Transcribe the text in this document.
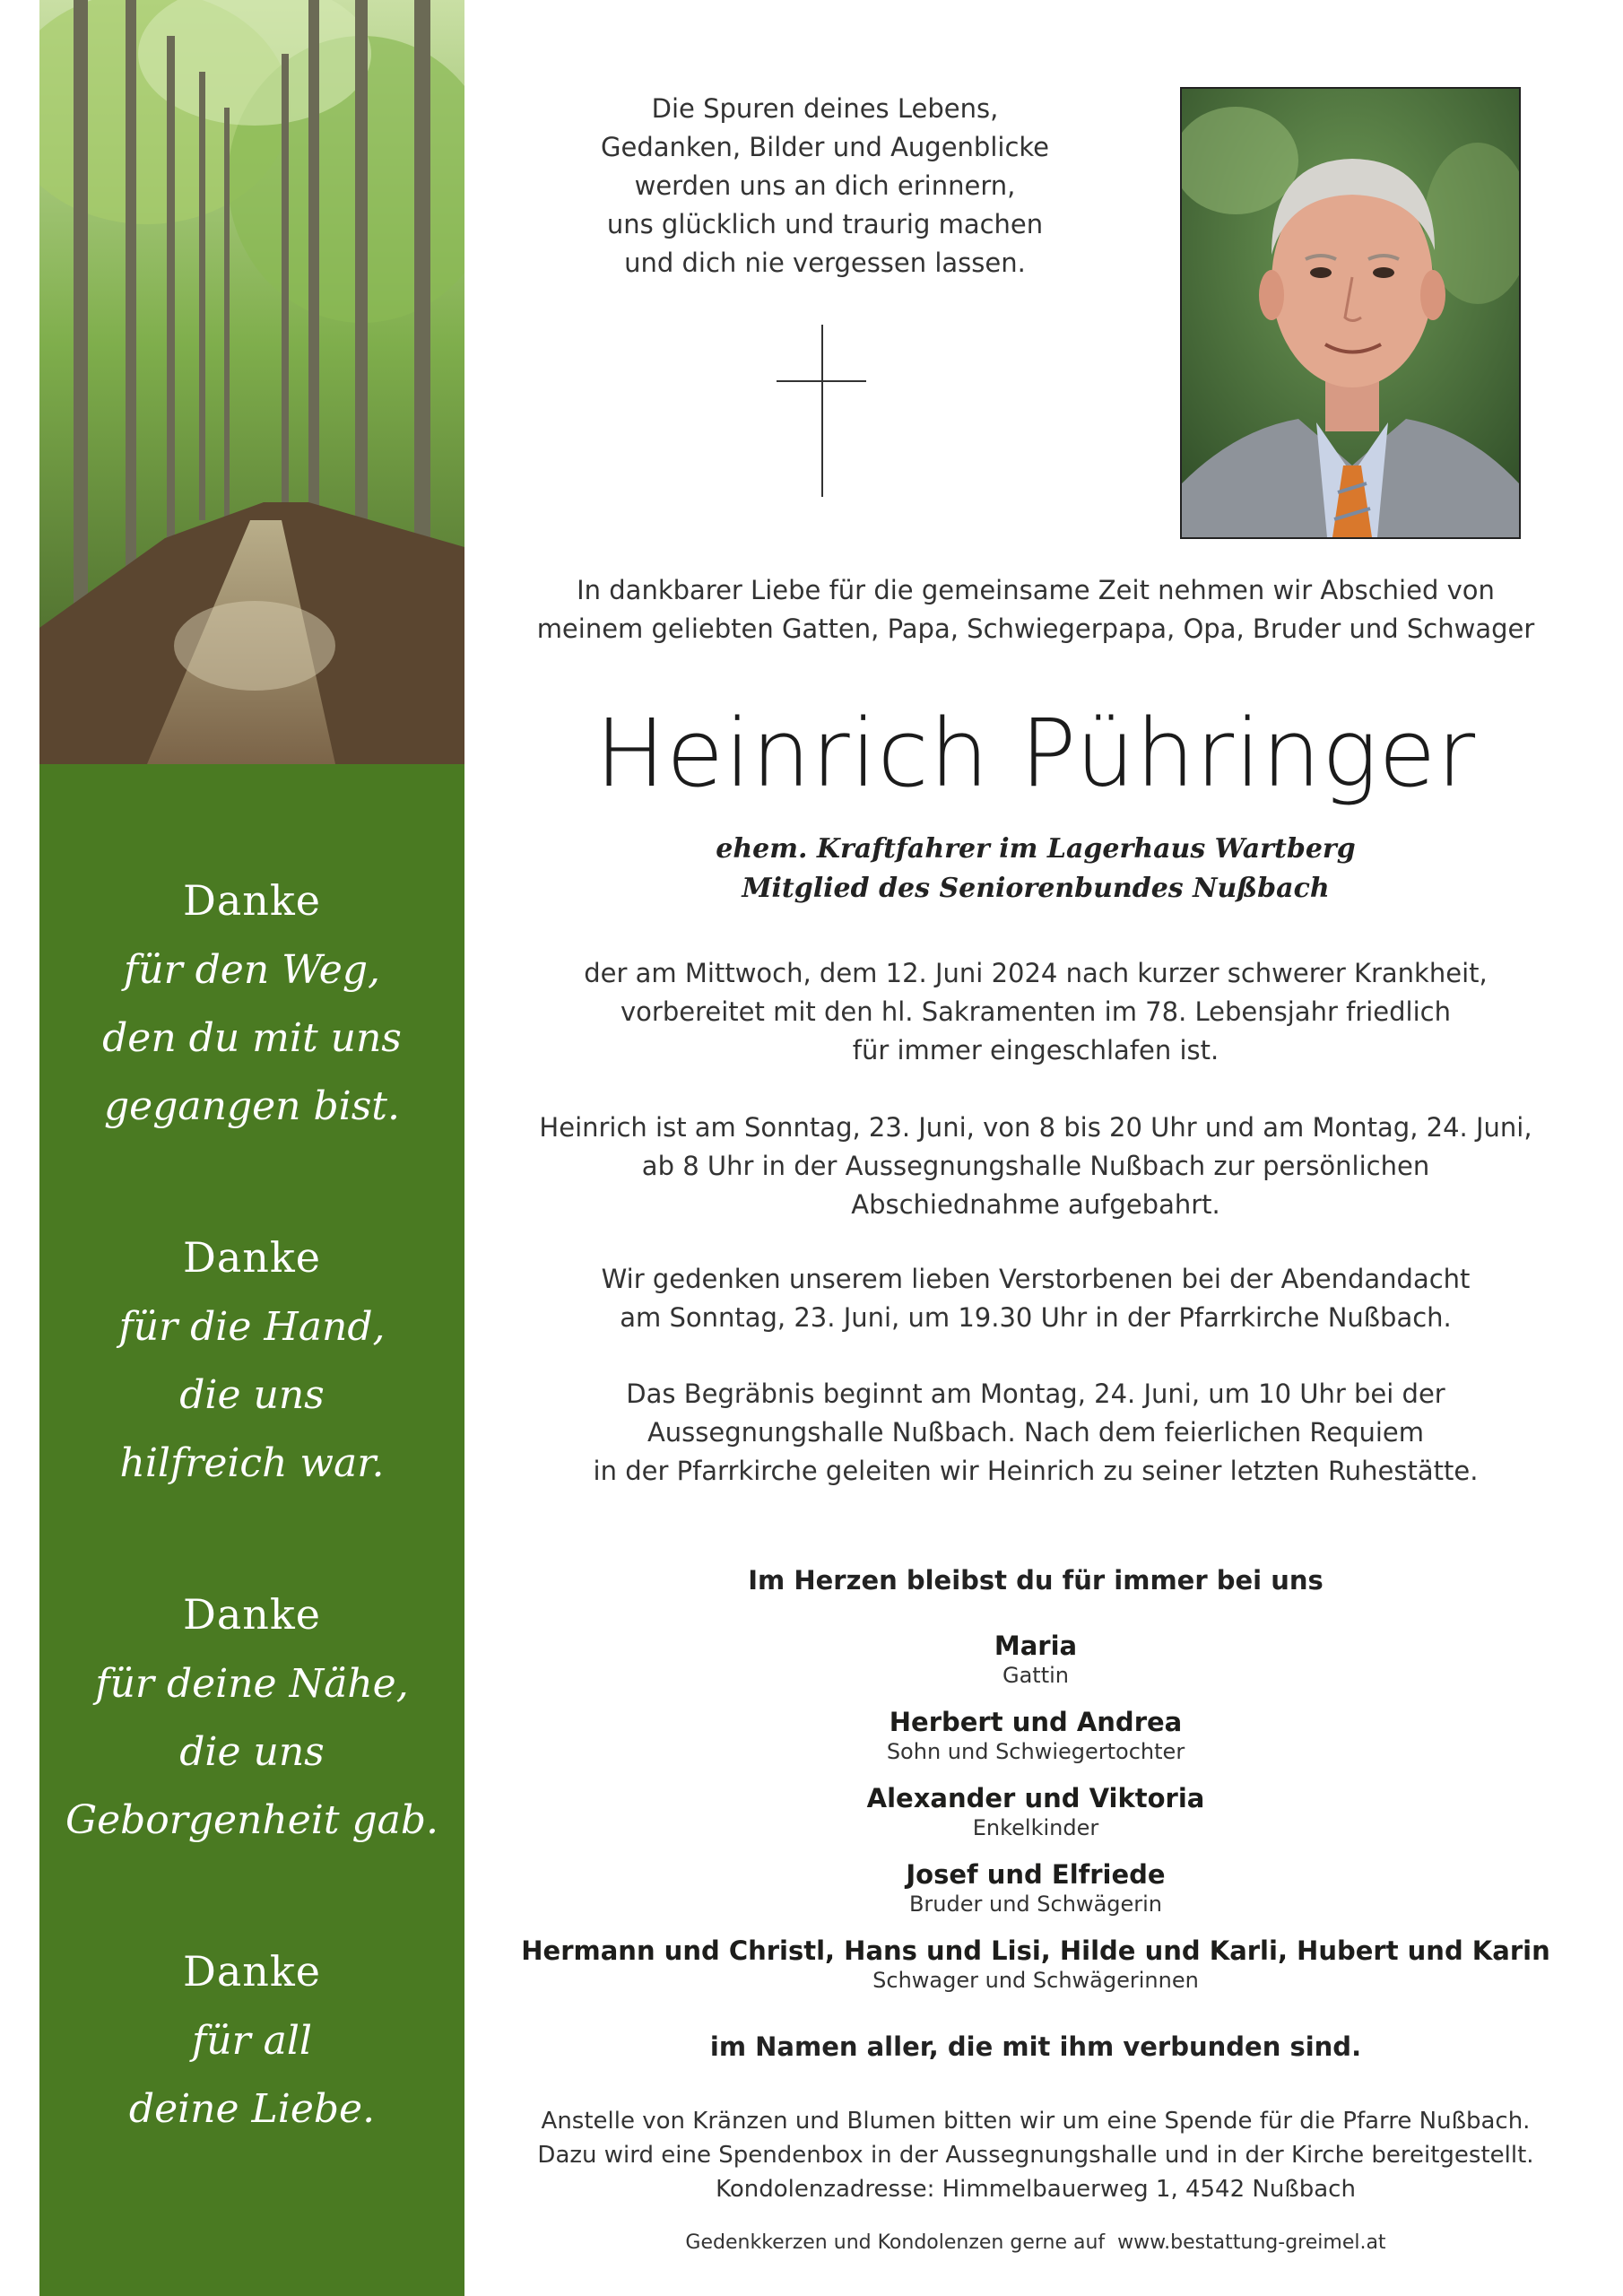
Danke
für den Weg,
den du mit uns
gegangen bist.
Danke
für die Hand,
die uns
hilfreich war.
Danke
für deine Nähe,
die uns
Geborgenheit gab.
Danke
für all
deine Liebe.
Die Spuren deines Lebens,
Gedanken, Bilder und Augenblicke
werden uns an dich erinnern,
uns glücklich und traurig machen
und dich nie vergessen lassen.
In dankbarer Liebe für die gemeinsame Zeit nehmen wir Abschied von
meinem geliebten Gatten, Papa, Schwiegerpapa, Opa, Bruder und Schwager
Heinrich Pühringer
ehem. Kraftfahrer im Lagerhaus Wartberg
Mitglied des Seniorenbundes Nußbach
der am Mittwoch, dem 12. Juni 2024 nach kurzer schwerer Krankheit,
vorbereitet mit den hl. Sakramenten im 78. Lebensjahr friedlich
für immer eingeschlafen ist.
Heinrich ist am Sonntag, 23. Juni, von 8 bis 20 Uhr und am Montag, 24. Juni,
ab 8 Uhr in der Aussegnungshalle Nußbach zur persönlichen
Abschiednahme aufgebahrt.
Wir gedenken unserem lieben Verstorbenen bei der Abendandacht
am Sonntag, 23. Juni, um 19.30 Uhr in der Pfarrkirche Nußbach.
Das Begräbnis beginnt am Montag, 24. Juni, um 10 Uhr bei der
Aussegnungshalle Nußbach. Nach dem feierlichen Requiem
in der Pfarrkirche geleiten wir Heinrich zu seiner letzten Ruhestätte.
Im Herzen bleibst du für immer bei uns
Maria
Gattin
Herbert und Andrea
Sohn und Schwiegertochter
Alexander und Viktoria
Enkelkinder
Josef und Elfriede
Bruder und Schwägerin
Hermann und Christl, Hans und Lisi, Hilde und Karli, Hubert und Karin
Schwager und Schwägerinnen
im Namen aller, die mit ihm verbunden sind.
Anstelle von Kränzen und Blumen bitten wir um eine Spende für die Pfarre Nußbach.
Dazu wird eine Spendenbox in der Aussegnungshalle und in der Kirche bereitgestellt.
Kondolenzadresse: Himmelbauerweg 1, 4542 Nußbach
Gedenkkerzen und Kondolenzen gerne auf  www.bestattung-greimel.at
